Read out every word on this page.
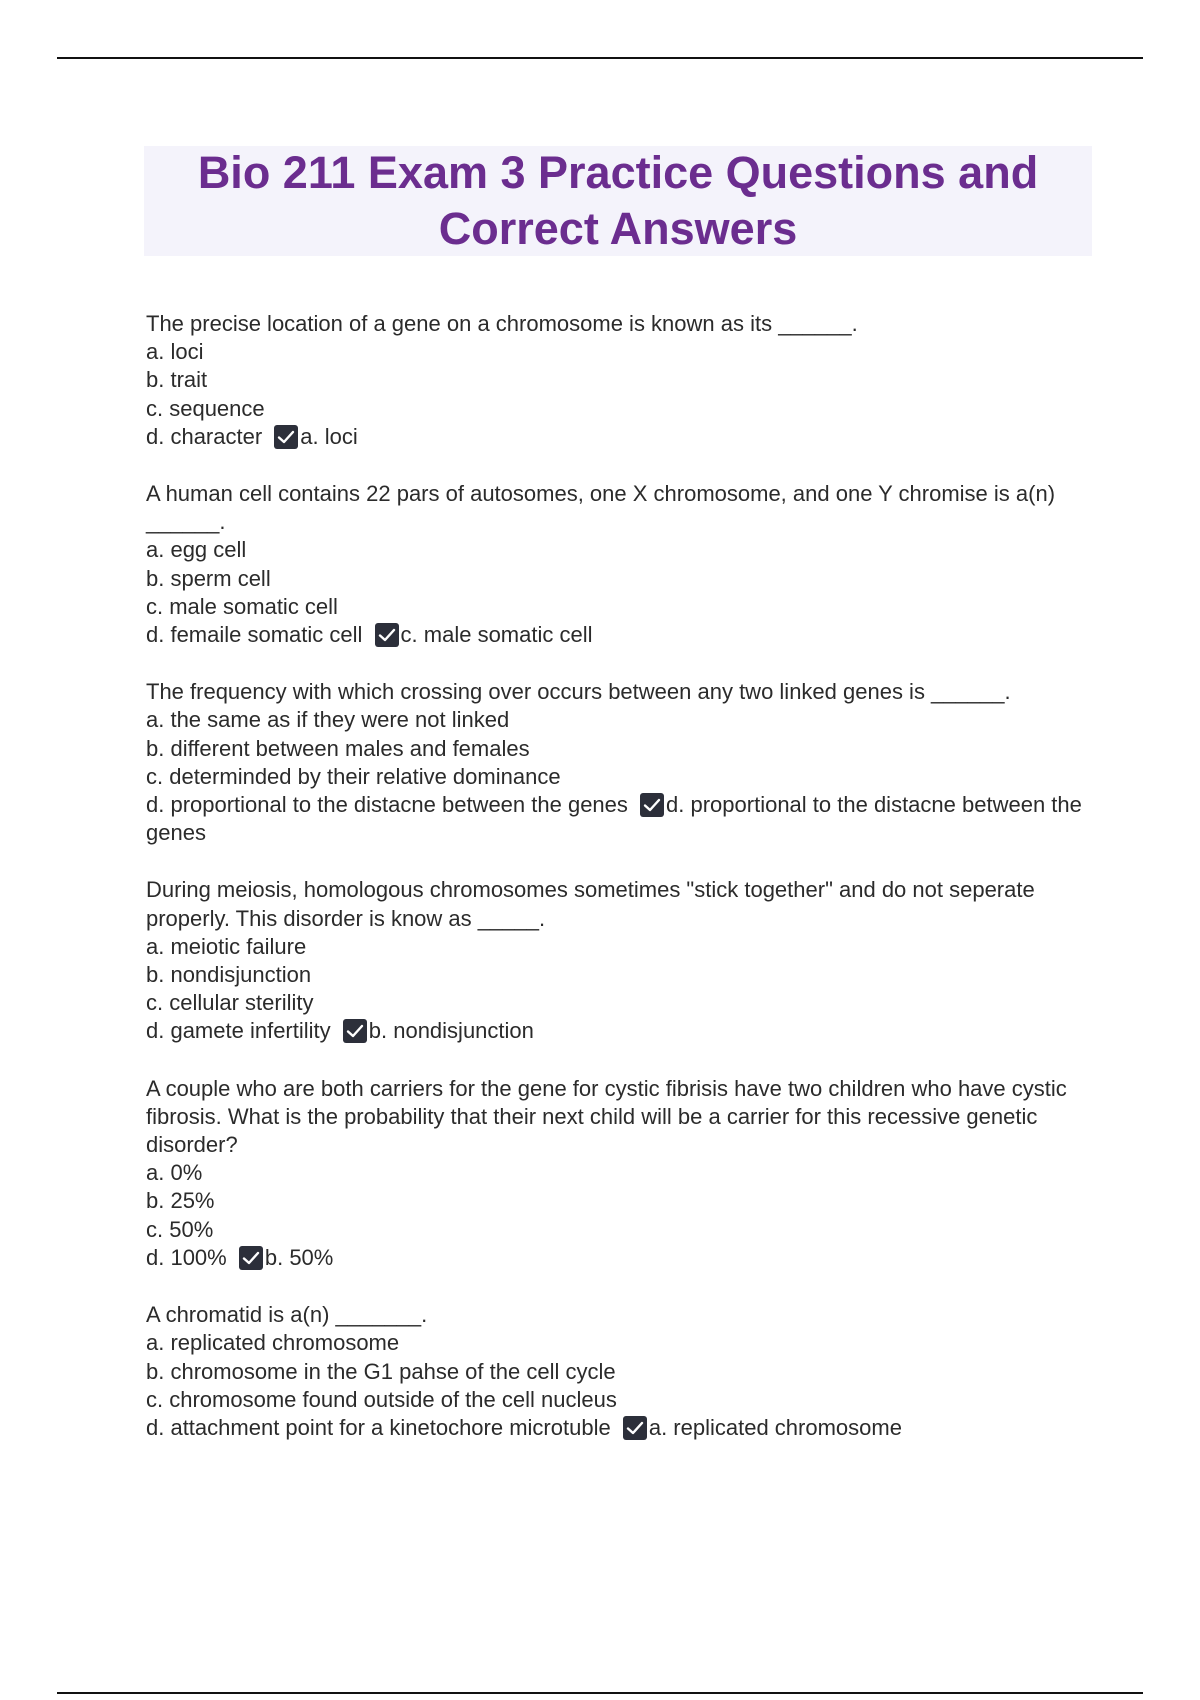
Bio 211 Exam 3 Practice Questions and Correct Answers

The precise location of a gene on a chromosome is known as its ______.

a. loci

b. trait

c. sequence

d. character a. loci

A human cell contains 22 pars of autosomes, one X chromosome, and one Y chromise is a(n) ______.

a. egg cell

b. sperm cell

c. male somatic cell

d. femaile somatic cell c. male somatic cell

The frequency with which crossing over occurs between any two linked genes is ______.

a. the same as if they were not linked

b. different between males and females

c. determinded by their relative dominance

d. proportional to the distacne between the genes d. proportional to the distacne between the genes

During meiosis, homologous chromosomes sometimes "stick together" and do not seperate properly. This disorder is know as _____.

a. meiotic failure

b. nondisjunction

c. cellular sterility

d. gamete infertility b. nondisjunction

A couple who are both carriers for the gene for cystic fibrisis have two children who have cystic fibrosis. What is the probability that their next child will be a carrier for this recessive genetic disorder?

a. 0%

b. 25%

c. 50%

d. 100% b. 50%

A chromatid is a(n) _______.

a. replicated chromosome

b. chromosome in the G1 pahse of the cell cycle

c. chromosome found outside of the cell nucleus

d. attachment point for a kinetochore microtuble a. replicated chromosome
